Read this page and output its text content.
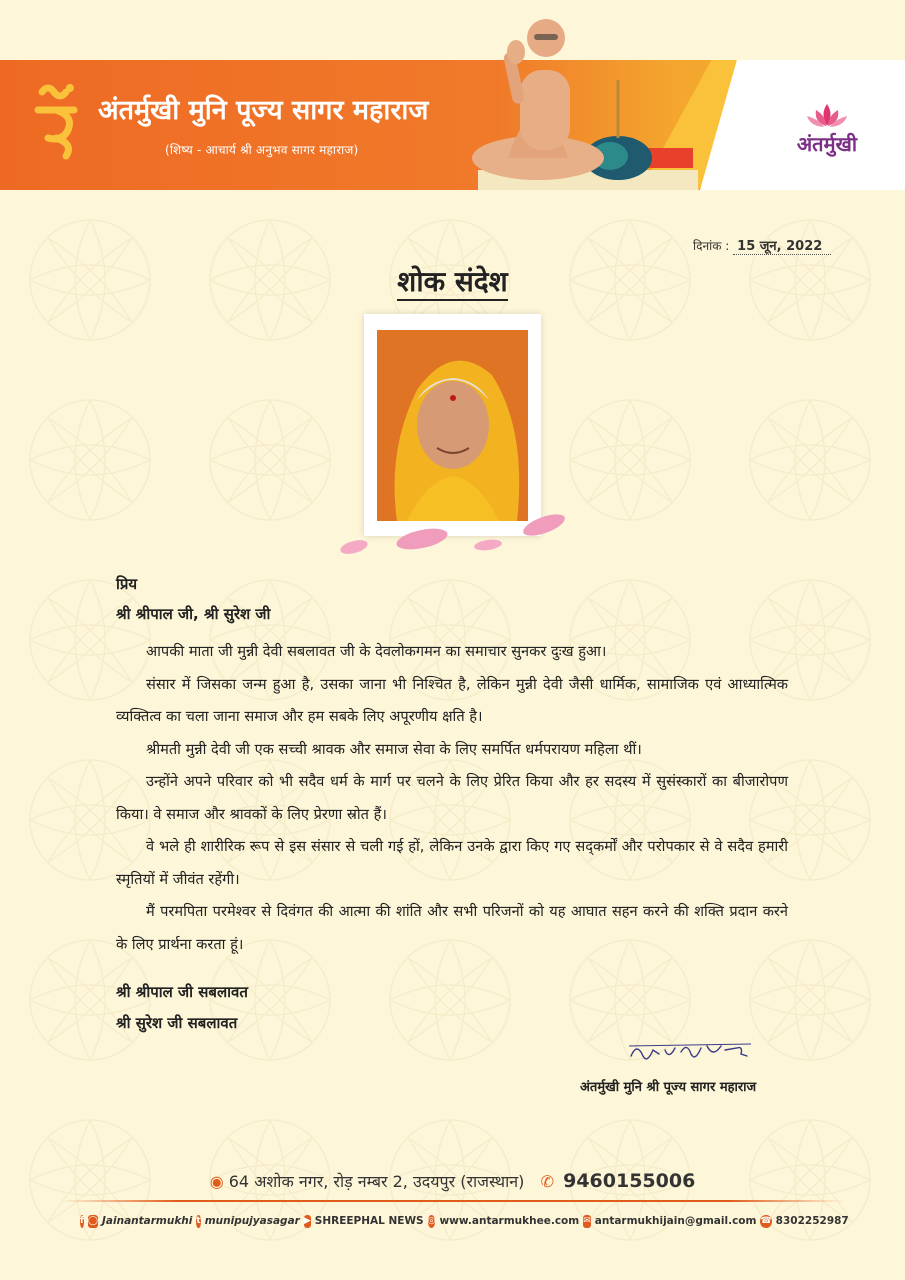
अंतर्मुखी मुनि पूज्य सागर महाराज
(शिष्य - आचार्य श्री अनुभव सागर महाराज)	अंतर्मुखी
दिनांक : 15 जून, 2022
शोक संदेश
प्रिय
श्री श्रीपाल जी, श्री सुरेश जी

आपकी माता जी मुन्नी देवी सबलावत जी के देवलोकगमन का समाचार सुनकर दुःख हुआ।

संसार में जिसका जन्म हुआ है, उसका जाना भी निश्चित है, लेकिन मुन्नी देवी जैसी धार्मिक, सामाजिक एवं आध्यात्मिक व्यक्तित्व का चला जाना समाज और हम सबके लिए अपूरणीय क्षति है।

श्रीमती मुन्नी देवी जी एक सच्ची श्रावक और समाज सेवा के लिए समर्पित धर्मपरायण महिला थीं।

उन्होंने अपने परिवार को भी सदैव धर्म के मार्ग पर चलने के लिए प्रेरित किया और हर सदस्य में सुसंस्कारों का बीजारोपण किया। वे समाज और श्रावकों के लिए प्रेरणा स्रोत हैं।

वे भले ही शारीरिक रूप से इस संसार से चली गई हों, लेकिन उनके द्वारा किए गए सद्कर्मों और परोपकार से वे सदैव हमारी स्मृतियों में जीवंत रहेंगी।

मैं परमपिता परमेश्वर से दिवंगत की आत्मा की शांति और सभी परिजनों को यह आघात सहन करने की शक्ति प्रदान करने के लिए प्रार्थना करता हूं।

श्री श्रीपाल जी सबलावत
श्री सुरेश जी सबलावत
अंतर्मुखी मुनि श्री पूज्य सागर महाराज
◉ 64 अशोक नगर, रोड़ नम्बर 2, उदयपुर (राजस्थान) ✆ 9460155006
f ◯ Jainantarmukhi t munipujyasagar ▶ SHREEPHAL NEWS ◎ www.antarmukhee.com ✉ antarmukhijain@gmail.com ☎ 8302252987
